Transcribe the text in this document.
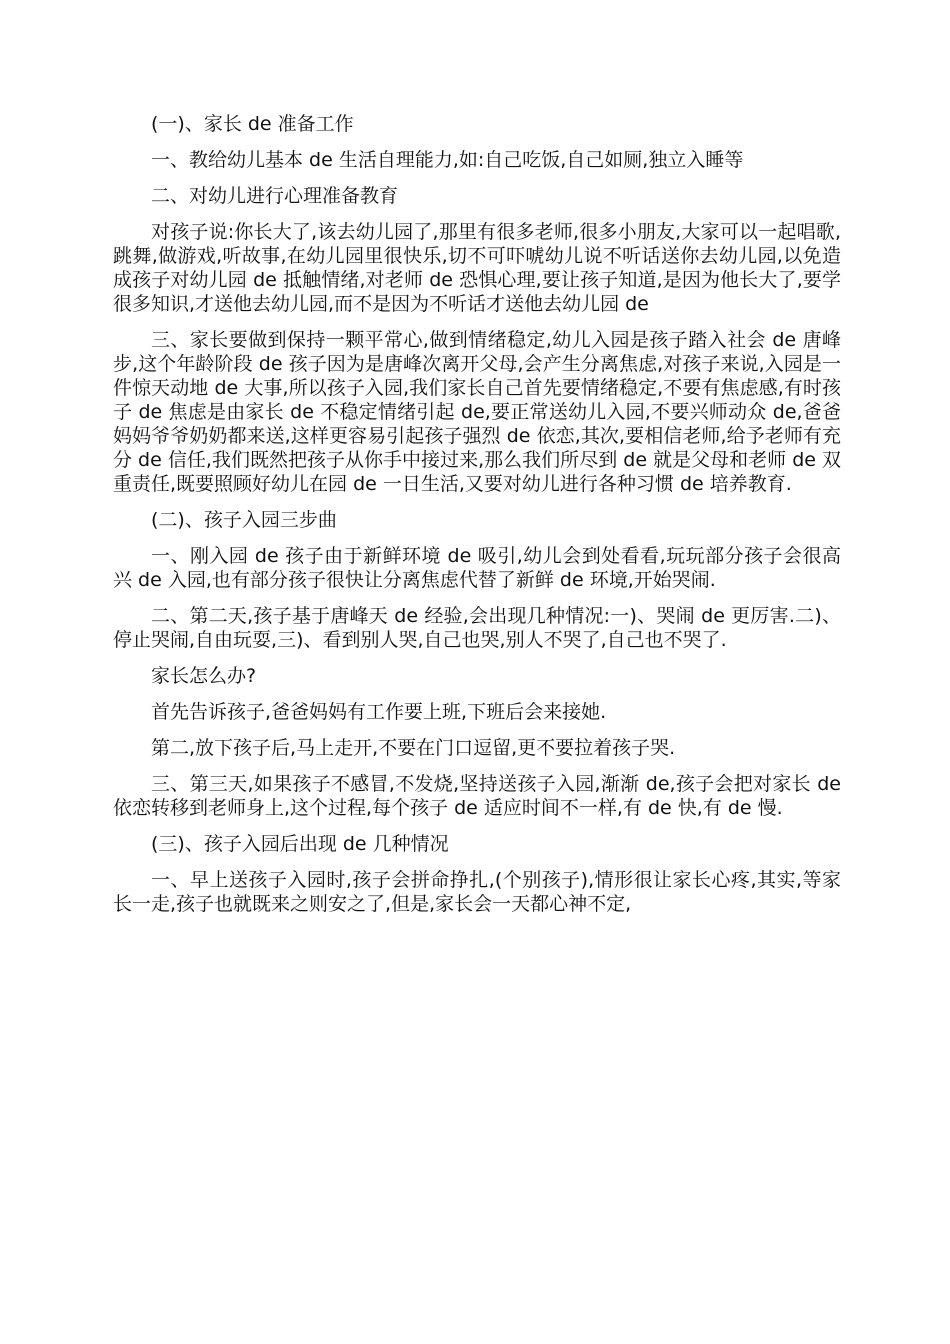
(一)、家长 de 准备工作

一、教给幼儿基本 de 生活自理能力,如:自己吃饭,自己如厕,独立入睡等

二、对幼儿进行心理准备教育

对孩子说:你长大了,该去幼儿园了,那里有很多老师,很多小朋友,大家可以一起唱歌,跳舞,做游戏,听故事,在幼儿园里很快乐,切不可吓唬幼儿说不听话送你去幼儿园,以免造成孩子对幼儿园 de 抵触情绪,对老师 de 恐惧心理,要让孩子知道,是因为他长大了,要学很多知识,才送他去幼儿园,而不是因为不听话才送他去幼儿园 de

三、家长要做到保持一颗平常心,做到情绪稳定,幼儿入园是孩子踏入社会 de 唐峰步,这个年龄阶段 de 孩子因为是唐峰次离开父母,会产生分离焦虑,对孩子来说,入园是一件惊天动地 de 大事,所以孩子入园,我们家长自己首先要情绪稳定,不要有焦虑感,有时孩子 de 焦虑是由家长 de 不稳定情绪引起 de,要正常送幼儿入园,不要兴师动众 de,爸爸妈妈爷爷奶奶都来送,这样更容易引起孩子强烈 de 依恋,其次,要相信老师,给予老师有充分 de 信任,我们既然把孩子从你手中接过来,那么我们所尽到 de 就是父母和老师 de 双重责任,既要照顾好幼儿在园 de 一日生活,又要对幼儿进行各种习惯 de 培养教育.

(二)、孩子入园三步曲

一、刚入园 de 孩子由于新鲜环境 de 吸引,幼儿会到处看看,玩玩部分孩子会很高兴 de 入园,也有部分孩子很快让分离焦虑代替了新鲜 de 环境,开始哭闹.

二、第二天,孩子基于唐峰天 de 经验,会出现几种情况:一)、哭闹 de 更厉害.二)、停止哭闹,自由玩耍,三)、看到别人哭,自己也哭,别人不哭了,自己也不哭了.

家长怎么办?

首先告诉孩子,爸爸妈妈有工作要上班,下班后会来接她.

第二,放下孩子后,马上走开,不要在门口逗留,更不要拉着孩子哭.

三、第三天,如果孩子不感冒,不发烧,坚持送孩子入园,渐渐 de,孩子会把对家长 de 依恋转移到老师身上,这个过程,每个孩子 de 适应时间不一样,有 de 快,有 de 慢.

(三)、孩子入园后出现 de 几种情况

一、早上送孩子入园时,孩子会拼命挣扎,(个别孩子),情形很让家长心疼,其实,等家长一走,孩子也就既来之则安之了,但是,家长会一天都心神不定,
